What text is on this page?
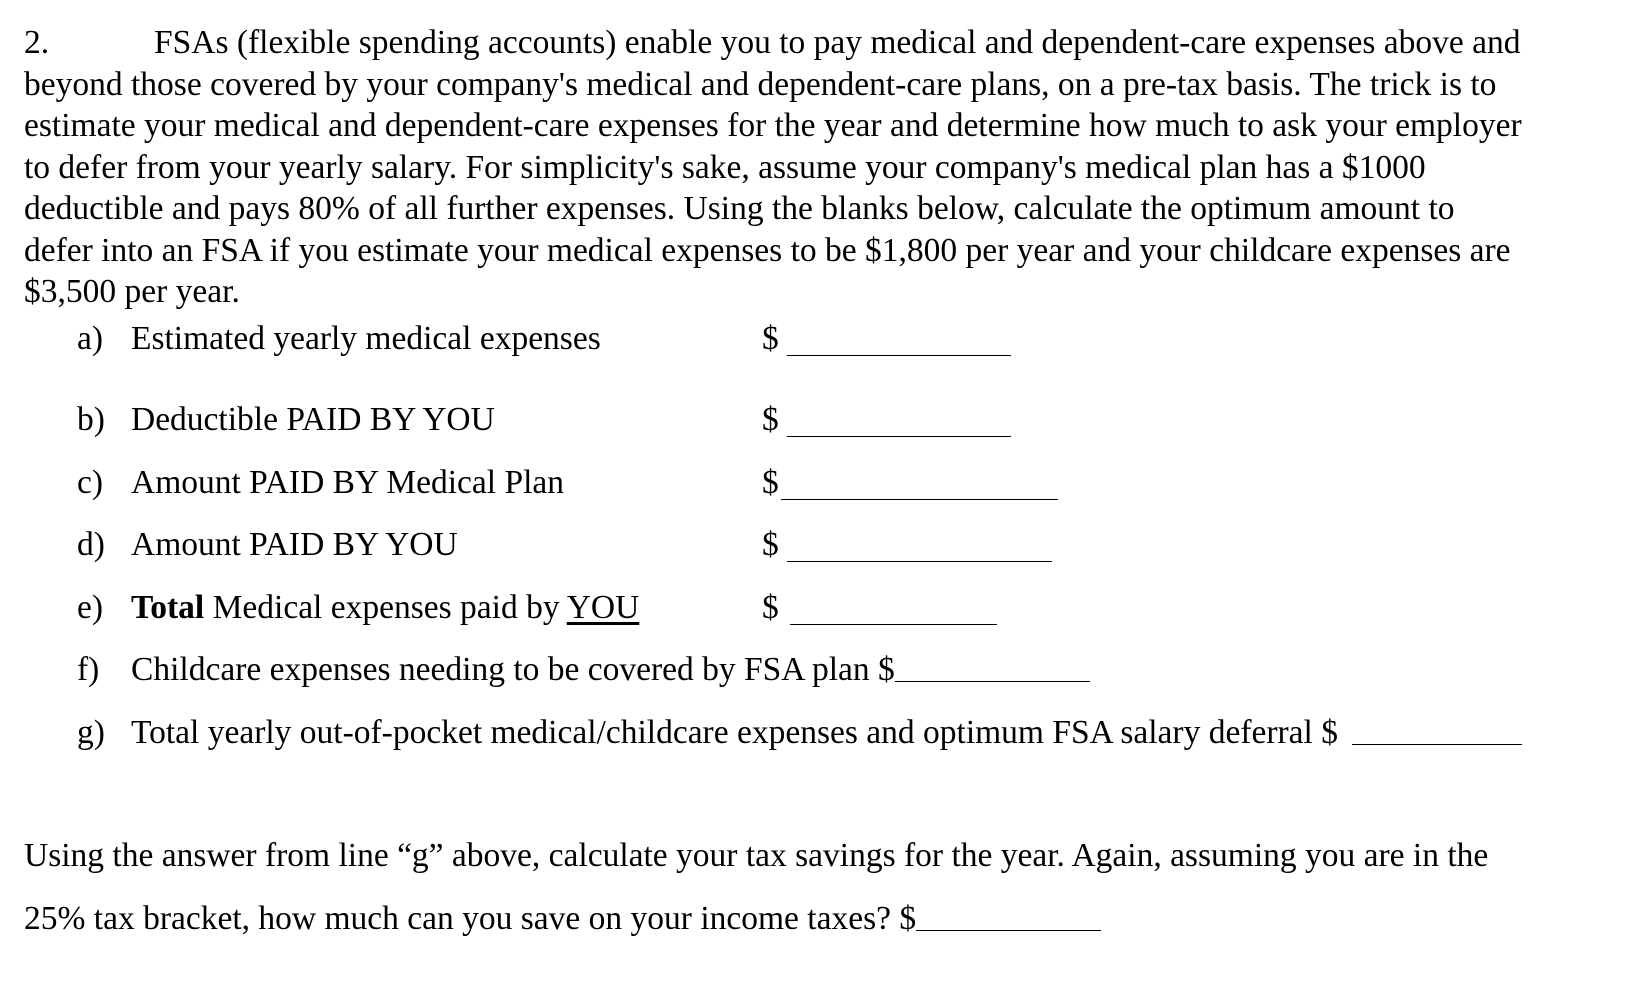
2.	FSAs (flexible spending accounts) enable you to pay medical and dependent-care expenses above and
beyond those covered by your company's medical and dependent-care plans, on a pre-tax basis. The trick is to
estimate your medical and dependent-care expenses for the year and determine how much to ask your employer
to defer from your yearly salary. For simplicity's sake, assume your company's medical plan has a $1000
deductible and pays 80% of all further expenses. Using the blanks below, calculate the optimum amount to
defer into an FSA if you estimate your medical expenses to be $1,800 per year and your childcare expenses are
$3,500 per year.
a) Estimated yearly medical expenses	$
b) Deductible PAID BY YOU	$
c) Amount PAID BY Medical Plan	$
d) Amount PAID BY YOU	$
e) Total Medical expenses paid by YOU	$
f) Childcare expenses needing to be covered by FSA plan $
g) Total yearly out-of-pocket medical/childcare expenses and optimum FSA salary deferral $
Using the answer from line “g” above, calculate your tax savings for the year. Again, assuming you are in the
25% tax bracket, how much can you save on your income taxes? $
